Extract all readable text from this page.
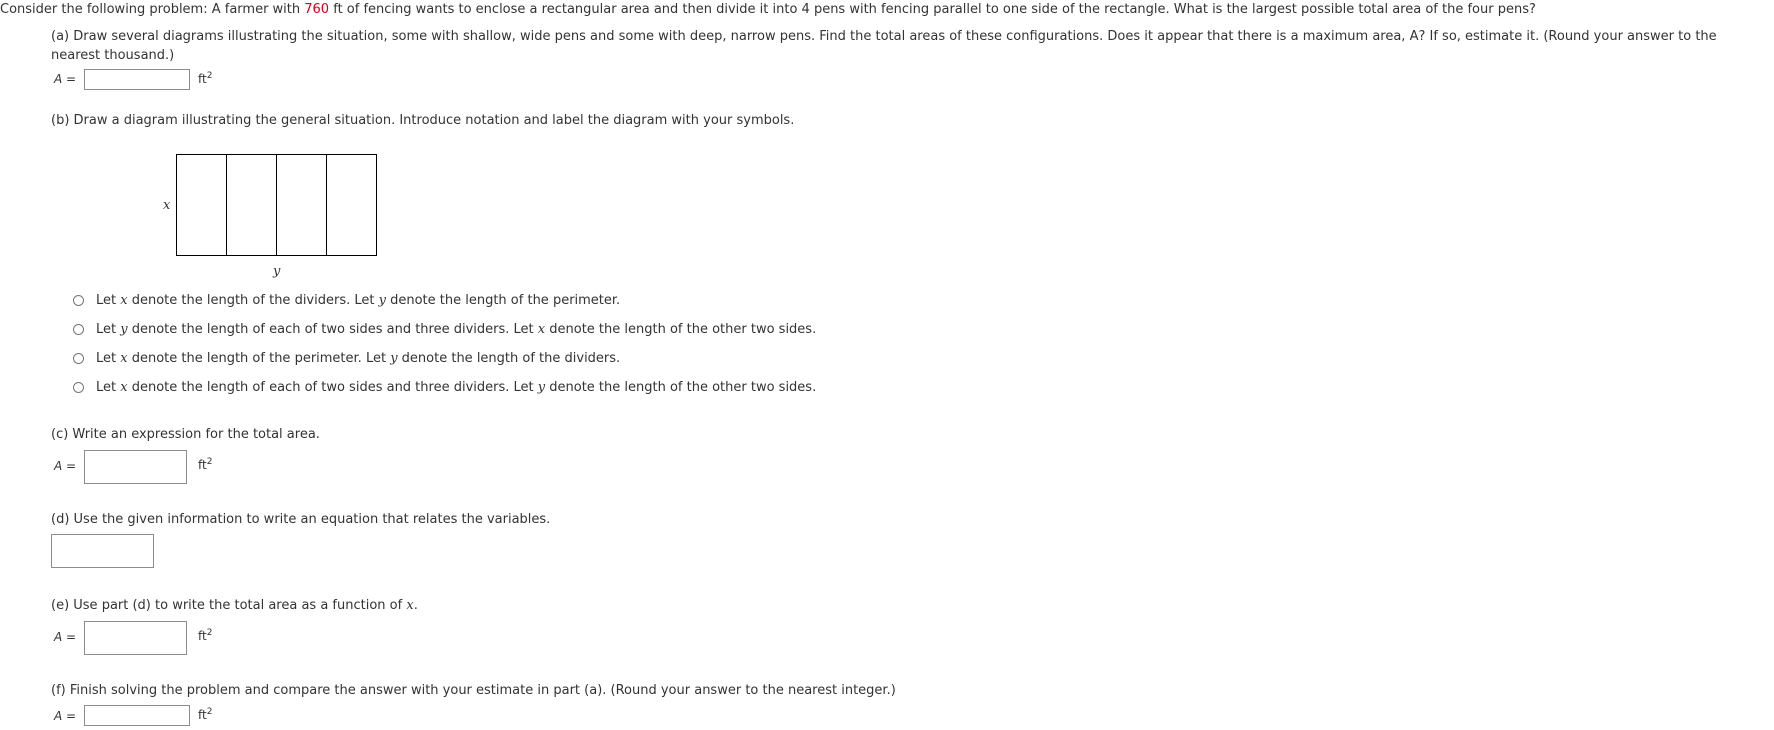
Consider the following problem: A farmer with 760 ft of fencing wants to enclose a rectangular area and then divide it into 4 pens with fencing parallel to one side of the rectangle. What is the largest possible total area of the four pens?
(a) Draw several diagrams illustrating the situation, some with shallow, wide pens and some with deep, narrow pens. Find the total areas of these configurations. Does it appear that there is a maximum area, A? If so, estimate it. (Round your answer to the
nearest thousand.)
A =	$ft^2$
(b) Draw a diagram illustrating the general situation. Introduce notation and label the diagram with your symbols.
x
y
Let x denote the length of the dividers. Let y denote the length of the perimeter.
Let y denote the length of each of two sides and three dividers. Let x denote the length of the other two sides.
Let x denote the length of the perimeter. Let y denote the length of the dividers.
Let x denote the length of each of two sides and three dividers. Let y denote the length of the other two sides.
(c) Write an expression for the total area.
A =	$ft^2$
(d) Use the given information to write an equation that relates the variables.
(e) Use part (d) to write the total area as a function of x.
A =	$ft^2$
(f) Finish solving the problem and compare the answer with your estimate in part (a). (Round your answer to the nearest integer.)
A =	$ft^2$
